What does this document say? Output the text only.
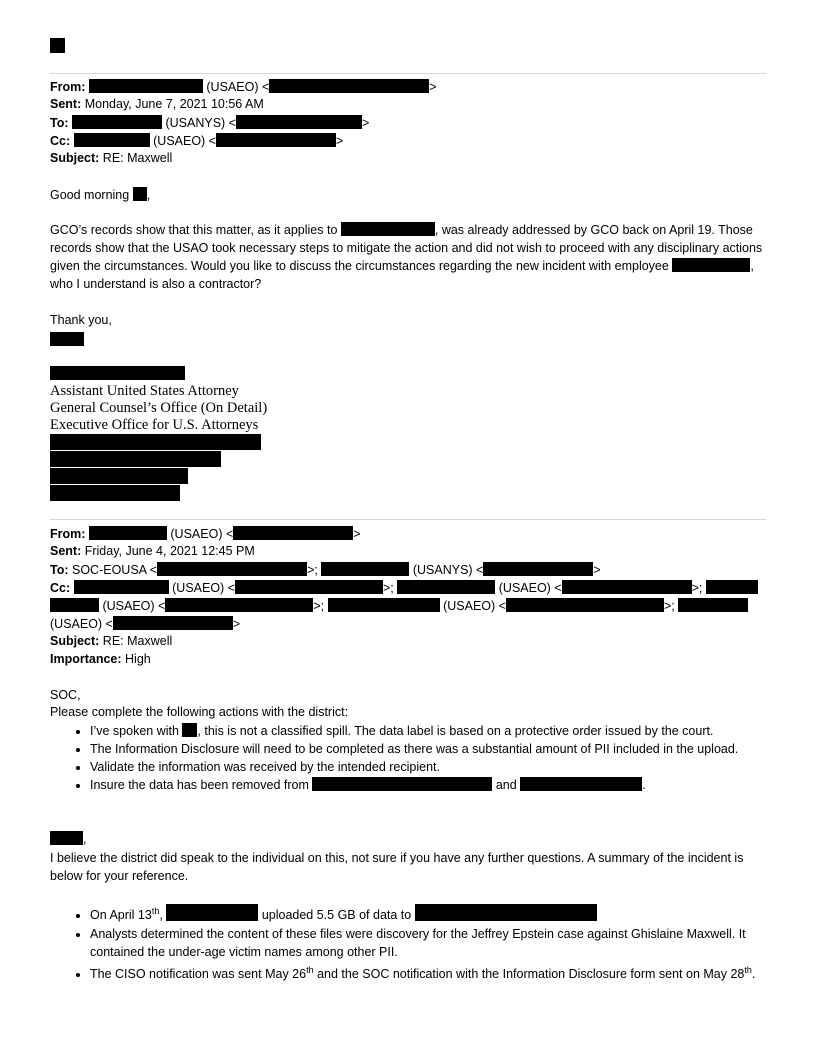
From:	(USAEO) <	>
Sent: Monday, June 7, 2021 10:56 AM
To:	(USANYS) <	>
Cc:	(USAEO) <	>
Subject: RE: Maxwell
Good morning ,
GCO’s records show that this matter, as it applies to	, was already addressed by GCO back on April 19. Those records show that the USAO took necessary steps to mitigate the action and did not wish to proceed with any disciplinary actions given the circumstances. Would you like to discuss the circumstances regarding the new incident with employee	, who I understand is also a contractor?
Thank you,
Assistant United States Attorney
General Counsel’s Office (On Detail)
Executive Office for U.S. Attorneys
From:	(USAEO) <	>
Sent: Friday, June 4, 2021 12:45 PM
To: SOC-EOUSA <	>;	(USANYS) <	>
Cc:	(USAEO) <	>;	(USAEO) <	>;
(USAEO) <	>;	(USAEO) <	>;
(USAEO) <	>
Subject: RE: Maxwell
Importance: High
SOC,
Please complete the following actions with the district:
• I’ve spoken with , this is not a classified spill. The data label is based on a protective order issued by the court.
• The Information Disclosure will need to be completed as there was a substantial amount of PII included in the upload.
• Validate the information was received by the intended recipient.
• Insure the data has been removed from	and	.
,
I believe the district did speak to the individual on this, not sure if you have any further questions. A summary of the incident is below for your reference.
• On April 13th,	uploaded 5.5 GB of data to
• Analysts determined the content of these files were discovery for the Jeffrey Epstein case against Ghislaine Maxwell. It contained the under-age victim names among other PII.
• The CISO notification was sent May 26th and the SOC notification with the Information Disclosure form sent on May 28th.
